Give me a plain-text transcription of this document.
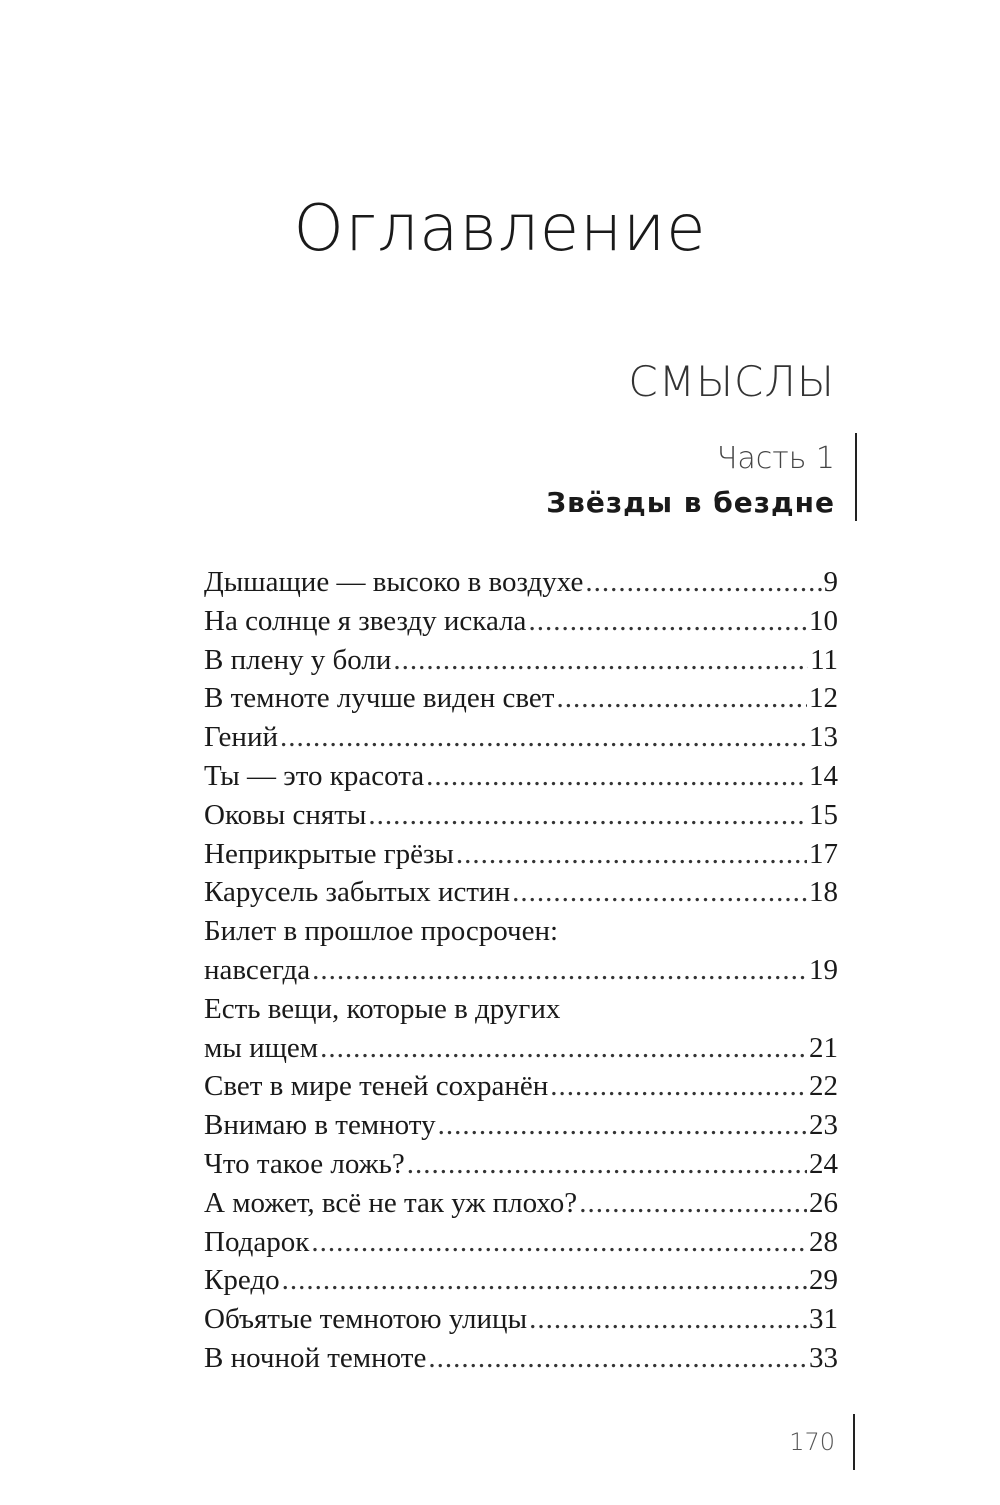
Оглавление
СМЫСЛЫ
Часть 1
Звёзды в бездне
Дышащие — высоко в воздухе .....	9
На солнце я звезду искала .....	10
В плену у боли .....	11
В темноте лучше виден свет .....	12
Гений .....	13
Ты — это красота .....	14
Оковы сняты .....	15
Неприкрытые грёзы .....	17
Карусель забытых истин .....	18
Билет в прошлое просрочен:
навсегда .....	19
Есть вещи, которые в других
мы ищем .....	21
Свет в мире теней сохранён .....	22
Внимаю в темноту .....	23
Что такое ложь? .....	24
А может, всё не так уж плохо? .....	26
Подарок .....	28
Кредо .....	29
Объятые темнотою улицы .....	31
В ночной темноте .....	33
170
